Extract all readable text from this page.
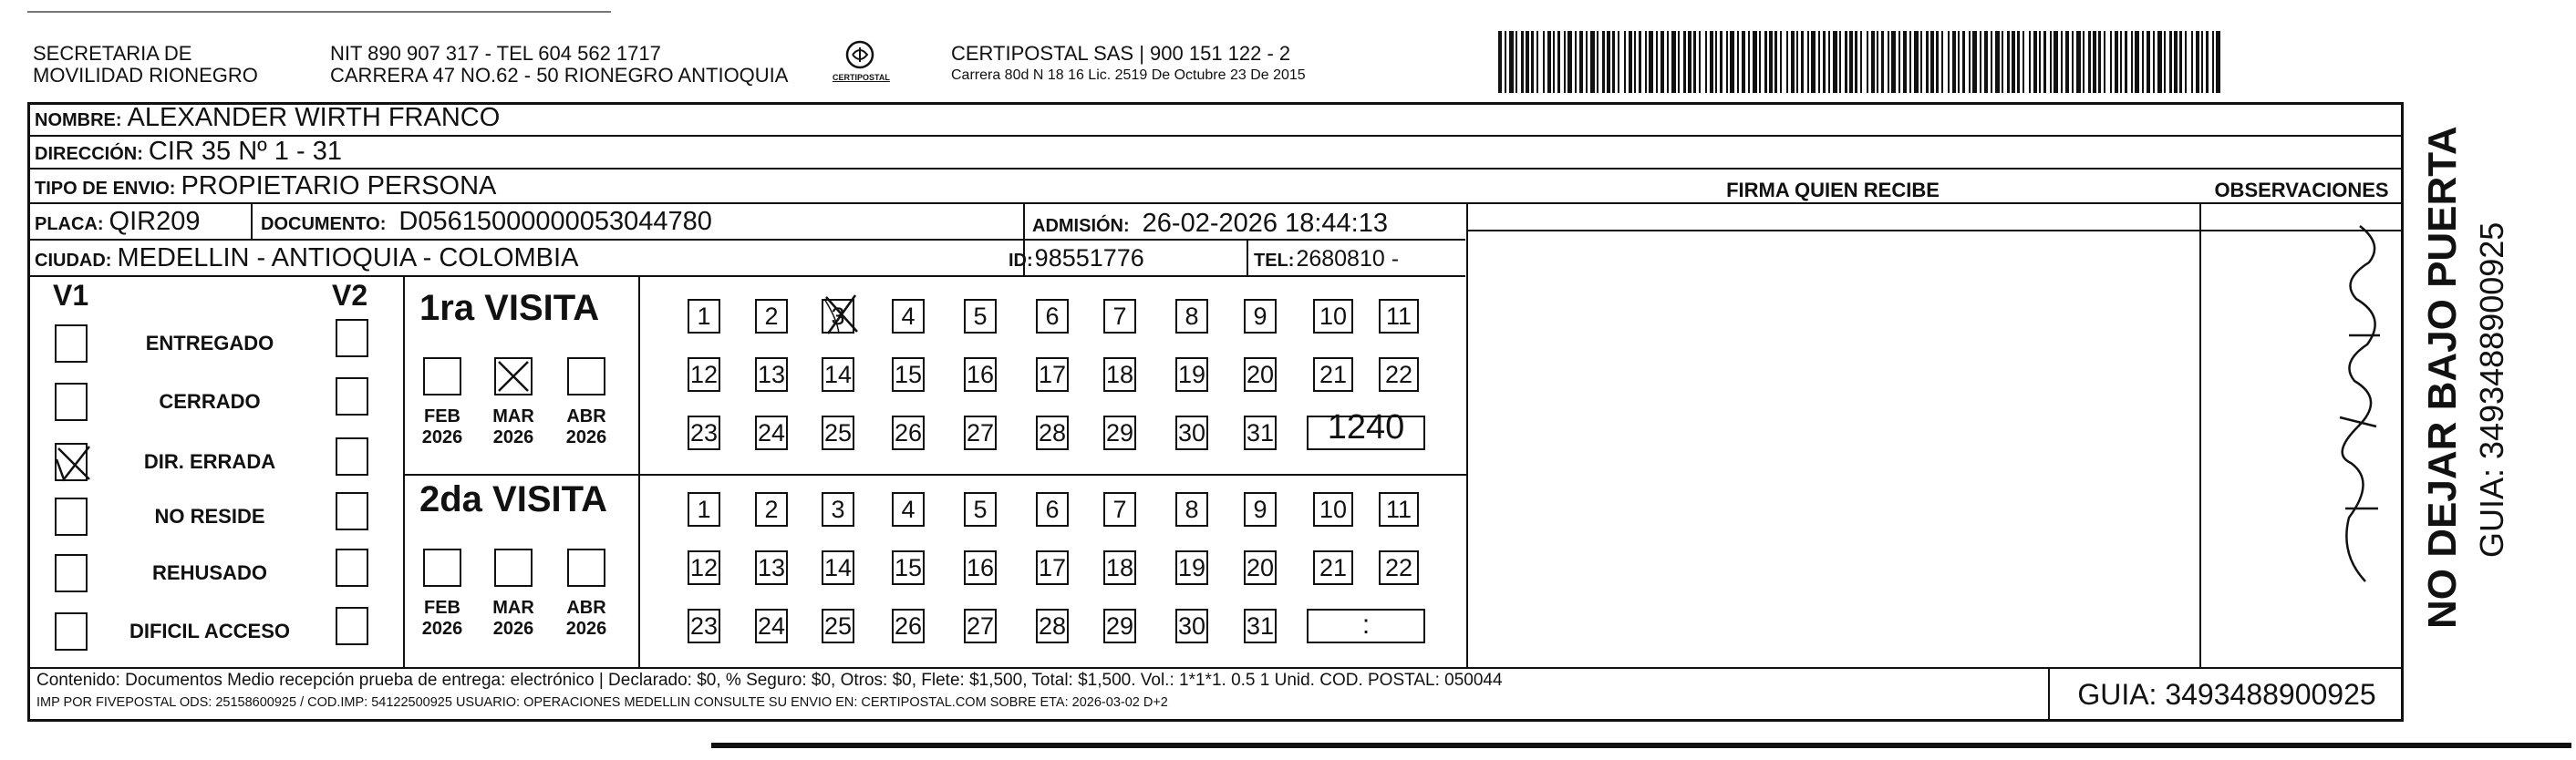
SECRETARIA DE
MOVILIDAD RIONEGRO
NIT 890 907 317 - TEL 604 562 1717
CARRERA 47 NO.62 - 50 RIONEGRO ANTIOQUIA	CERTIPOSTAL
CERTIPOSTAL SAS | 900 151 122 - 2
Carrera 80d N 18 16 Lic. 2519 De Octubre 23 De 2015
NOMBRE: ALEXANDER WIRTH FRANCO
DIRECCIÓN: CIR 35 Nº 1 - 31
TIPO DE ENVIO: PROPIETARIO PERSONA
PLACA: QIR209	DOCUMENTO: D05615000000053044780	ADMISIÓN: 26-02-2026 18:44:13
CIUDAD: MEDELLIN - ANTIOQUIA - COLOMBIA	ID: 98551776	TEL: 2680810 -
V1	V2
ENTREGADO
CERRADO
DIR. ERRADA
NO RESIDE
REHUSADO
DIFICIL ACCESO
1ra VISITA
2da VISITA
FEB
2026
MAR
2026
ABR
2026
1	2	3	4	5	6	7	8	9	10 11
12 13 14 15 16 17 18 19 20 21 22
23 24 25 26 27 28 29 30 31	1240
FEB
2026
MAR
2026
ABR
2026
1	2	3	4	5	6	7	8	9	10 11
12 13 14 15 16 17 18 19 20 21 22
23 24 25 26 27 28 29 30 31	:
FIRMA QUIEN RECIBE	OBSERVACIONES NO DEJAR BAJO PUERTA GUIA: 3493488900925
Contenido: Documentos Medio recepción prueba de entrega: electrónico | Declarado: $0, % Seguro: $0, Otros: $0, Flete: $1,500, Total: $1,500. Vol.: 1*1*1. 0.5 1 Unid. COD. POSTAL: 050044
IMP POR FIVEPOSTAL ODS: 25158600925 / COD.IMP: 54122500925 USUARIO: OPERACIONES MEDELLIN CONSULTE SU ENVIO EN: CERTIPOSTAL.COM SOBRE ETA: 2026-03-02 D+2	GUIA: 3493488900925
